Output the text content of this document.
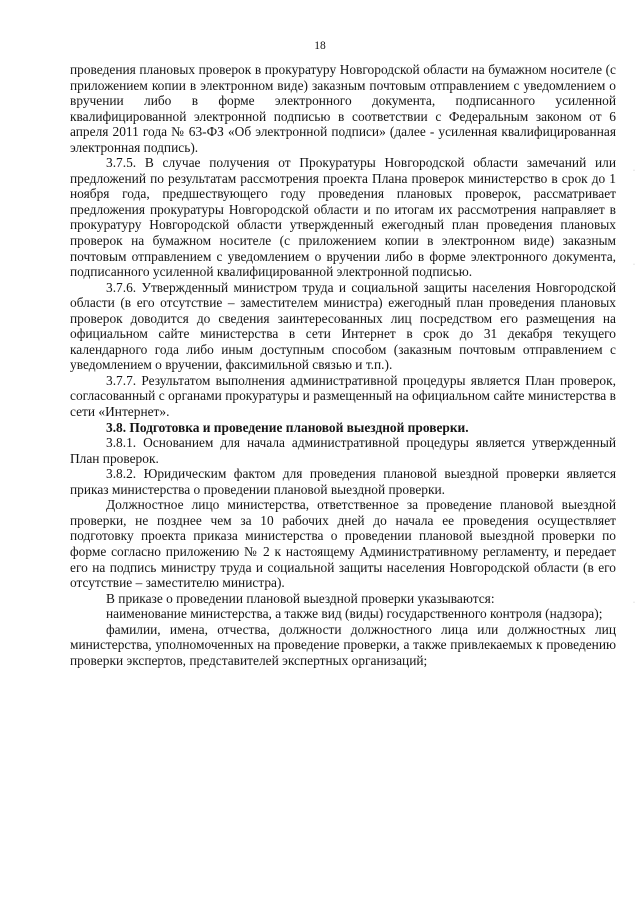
18

проведения плановых проверок в прокуратуру Новгородской области на бумажном носителе (с приложением копии в электронном виде) заказным почтовым отправлением с уведомлением о вручении либо в форме электронного документа, подписанного усиленной квалифицированной электронной подписью в соответствии с Федеральным законом от 6 апреля 2011 года № 63-ФЗ «Об электронной подписи» (далее - усиленная квалифицированная электронная подпись).

3.7.5. В случае получения от Прокуратуры Новгородской области замечаний или предложений по результатам рассмотрения проекта Плана проверок министерство в срок до 1 ноября года, предшествующего году проведения плановых проверок, рассматривает предложения прокуратуры Новгородской области и по итогам их рассмотрения направляет в прокуратуру Новгородской области утвержденный ежегодный план проведения плановых проверок на бумажном носителе (с приложением копии в электронном виде) заказным почтовым отправлением с уведомлением о вручении либо в форме электронного документа, подписанного усиленной квалифицированной электронной подписью.

3.7.6. Утвержденный министром труда и социальной защиты населения Новгородской области (в его отсутствие – заместителем министра) ежегодный план проведения плановых проверок доводится до сведения заинтересованных лиц посредством его размещения на официальном сайте министерства в сети Интернет в срок до 31 декабря текущего календарного года либо иным доступным способом (заказным почтовым отправлением с уведомлением о вручении, факсимильной связью и т.п.).

3.7.7. Результатом выполнения административной процедуры является План проверок, согласованный с органами прокуратуры и размещенный на официальном сайте министерства в сети «Интернет».

3.8. Подготовка и проведение плановой выездной проверки.

3.8.1. Основанием для начала административной процедуры является утвержденный План проверок.

3.8.2. Юридическим фактом для проведения плановой выездной проверки является приказ министерства о проведении плановой выездной проверки.

Должностное лицо министерства, ответственное за проведение плановой выездной проверки, не позднее чем за 10 рабочих дней до начала ее проведения осуществляет подготовку проекта приказа министерства о проведении плановой выездной проверки по форме согласно приложению № 2 к настоящему Административному регламенту, и передает его на подпись министру труда и социальной защиты населения Новгородской области (в его отсутствие – заместителю министра).

В приказе о проведении плановой выездной проверки указываются:

наименование министерства, а также вид (виды) государственного контроля (надзора);

фамилии, имена, отчества, должности должностного лица или должностных лиц министерства, уполномоченных на проведение проверки, а также привлекаемых к проведению проверки экспертов, представителей экспертных организаций;

·
·
·
